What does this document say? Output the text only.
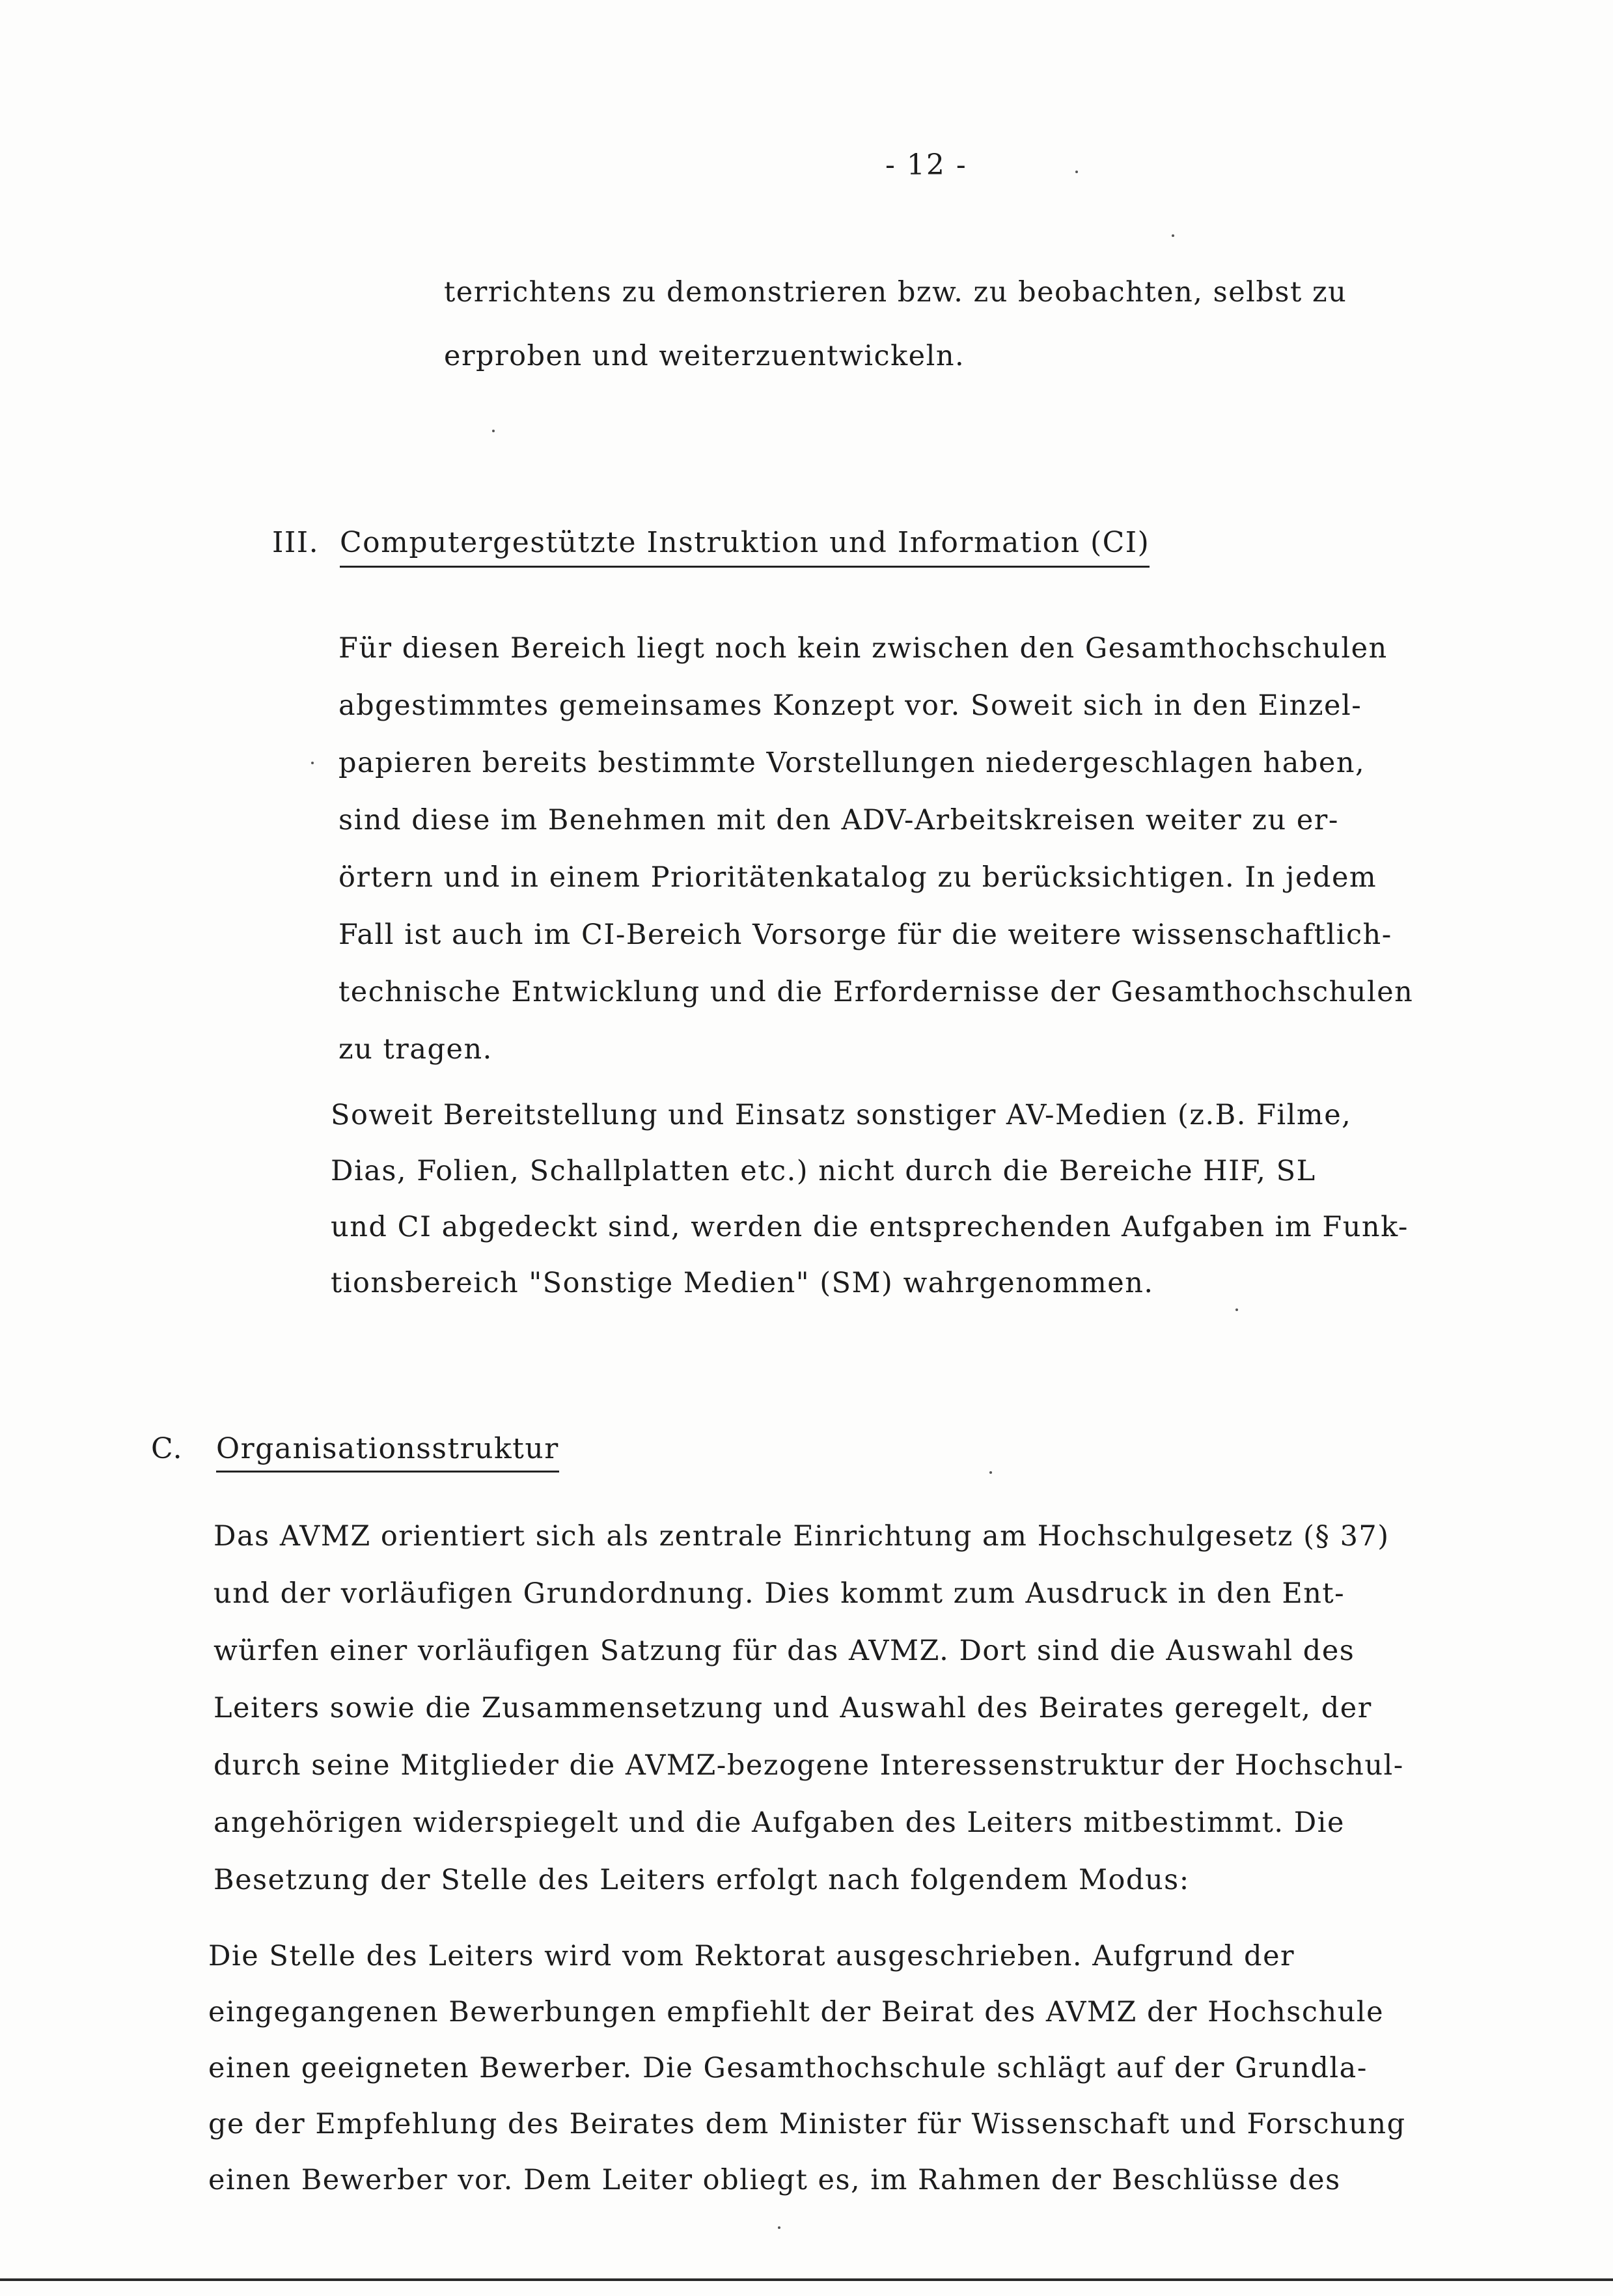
- 12 -
terrichtens zu demonstrieren bzw. zu beobachten, selbst zu
erproben und weiterzuentwickeln.
III. Computergestützte Instruktion und Information (CI)
Für diesen Bereich liegt noch kein zwischen den Gesamthochschulen
abgestimmtes gemeinsames Konzept vor. Soweit sich in den Einzel-
papieren bereits bestimmte Vorstellungen niedergeschlagen haben,
sind diese im Benehmen mit den ADV-Arbeitskreisen weiter zu er-
örtern und in einem Prioritätenkatalog zu berücksichtigen. In jedem
Fall ist auch im CI-Bereich Vorsorge für die weitere wissenschaftlich-
technische Entwicklung und die Erfordernisse der Gesamthochschulen
zu tragen.
Soweit Bereitstellung und Einsatz sonstiger AV-Medien (z.B. Filme,
Dias, Folien, Schallplatten etc.) nicht durch die Bereiche HIF, SL
und CI abgedeckt sind, werden die entsprechenden Aufgaben im Funk-
tionsbereich "Sonstige Medien" (SM) wahrgenommen.
C. Organisationsstruktur
Das AVMZ orientiert sich als zentrale Einrichtung am Hochschulgesetz (§ 37)
und der vorläufigen Grundordnung. Dies kommt zum Ausdruck in den Ent-
würfen einer vorläufigen Satzung für das AVMZ. Dort sind die Auswahl des
Leiters sowie die Zusammensetzung und Auswahl des Beirates geregelt, der
durch seine Mitglieder die AVMZ-bezogene Interessenstruktur der Hochschul-
angehörigen widerspiegelt und die Aufgaben des Leiters mitbestimmt. Die
Besetzung der Stelle des Leiters erfolgt nach folgendem Modus:
Die Stelle des Leiters wird vom Rektorat ausgeschrieben. Aufgrund der
eingegangenen Bewerbungen empfiehlt der Beirat des AVMZ der Hochschule
einen geeigneten Bewerber. Die Gesamthochschule schlägt auf der Grundla-
ge der Empfehlung des Beirates dem Minister für Wissenschaft und Forschung
einen Bewerber vor. Dem Leiter obliegt es, im Rahmen der Beschlüsse des
